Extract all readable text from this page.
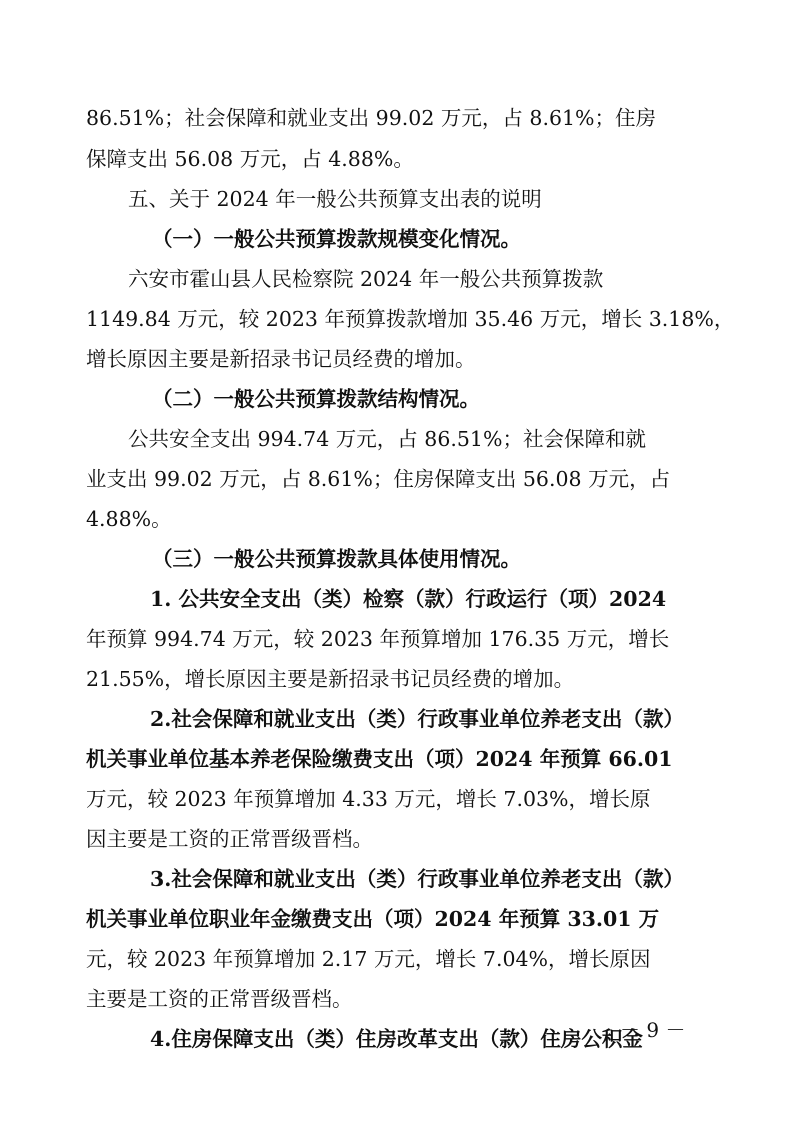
86.51%；社会保障和就业支出 99.02 万元，占 8.61%；住房
保障支出 56.08 万元，占 4.88%。
五、关于 2024 年一般公共预算支出表的说明
（一）一般公共预算拨款规模变化情况。
六安市霍山县人民检察院 2024 年一般公共预算拨款
1149.84 万元，较 2023 年预算拨款增加 35.46 万元，增长 3.18%，
增长原因主要是新招录书记员经费的增加。
（二）一般公共预算拨款结构情况。
公共安全支出 994.74 万元，占 86.51%；社会保障和就
业支出 99.02 万元，占 8.61%；住房保障支出 56.08 万元，占
4.88%。
（三）一般公共预算拨款具体使用情况。
1. 公共安全支出（类）检察（款）行政运行（项）2024
年预算 994.74 万元，较 2023 年预算增加 176.35 万元，增长
21.55%，增长原因主要是新招录书记员经费的增加。
2.社会保障和就业支出（类）行政事业单位养老支出（款）
机关事业单位基本养老保险缴费支出（项）2024 年预算 66.01
万元，较 2023 年预算增加 4.33 万元，增长 7.03%，增长原
因主要是工资的正常晋级晋档。
3.社会保障和就业支出（类）行政事业单位养老支出（款）
机关事业单位职业年金缴费支出（项）2024 年预算 33.01 万
元，较 2023 年预算增加 2.17 万元，增长 7.04%，增长原因
主要是工资的正常晋级晋档。
4.住房保障支出（类）住房改革支出（款）住房公积金
－ 9 －
